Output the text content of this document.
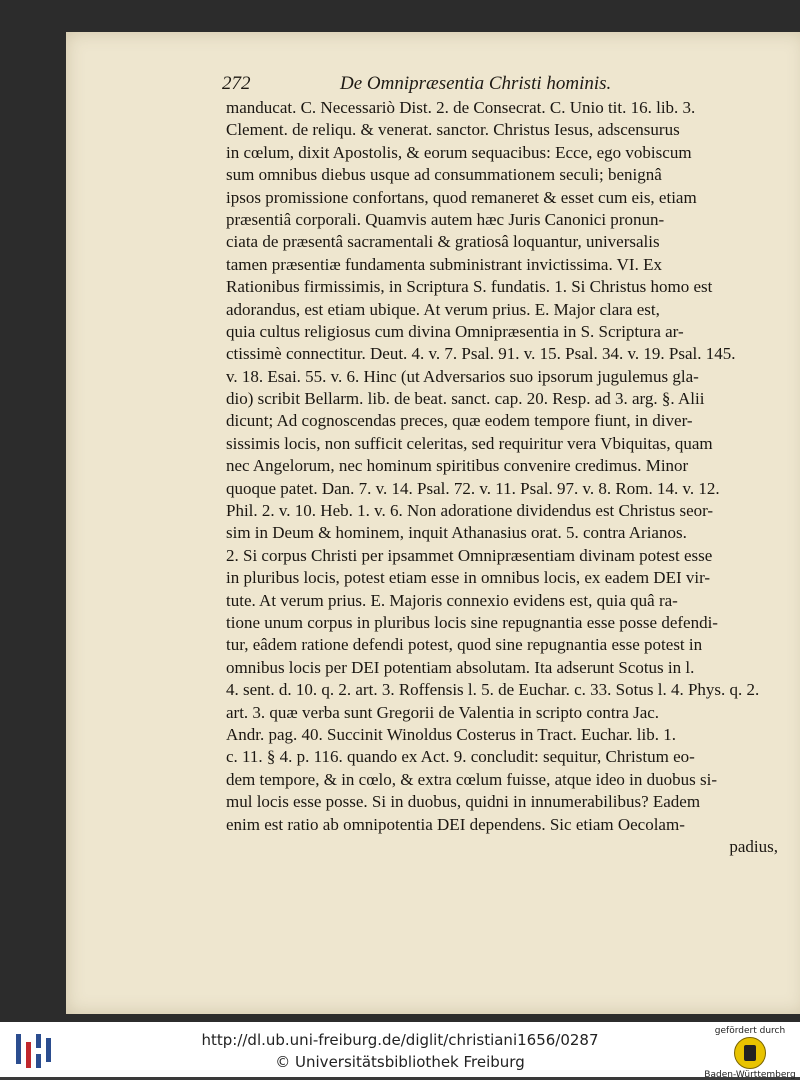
272	De Omnipræsentia Christi hominis.
manducat. C. Necessariò Dist. 2. de Consecrat. C. Unio tit. 16. lib. 3.
Clement. de reliqu. & venerat. sanctor. Christus Iesus, adscensurus
in cœlum, dixit Apostolis, & eorum sequacibus: Ecce, ego vobiscum
sum omnibus diebus usque ad consummationem seculi; benignâ
ipsos promissione confortans, quod remaneret & esset cum eis, etiam
præsentiâ corporali. Quamvis autem hæc Juris Canonici pronun-
ciata de præsentâ sacramentali & gratiosâ loquantur, universalis
tamen præsentiæ fundamenta subministrant invictissima. VI. Ex
Rationibus firmissimis, in Scriptura S. fundatis. 1. Si Christus homo est
adorandus, est etiam ubique. At verum prius. E. Major clara est,
quia cultus religiosus cum divina Omnipræsentia in S. Scriptura ar-
ctissimè connectitur. Deut. 4. v. 7. Psal. 91. v. 15. Psal. 34. v. 19. Psal. 145.
v. 18. Esai. 55. v. 6. Hinc (ut Adversarios suo ipsorum jugulemus gla-
dio) scribit Bellarm. lib. de beat. sanct. cap. 20. Resp. ad 3. arg. §. Alii
dicunt; Ad cognoscendas preces, quæ eodem tempore fiunt, in diver-
sissimis locis, non sufficit celeritas, sed requiritur vera Vbiquitas, quam
nec Angelorum, nec hominum spiritibus convenire credimus. Minor
quoque patet. Dan. 7. v. 14. Psal. 72. v. 11. Psal. 97. v. 8. Rom. 14. v. 12.
Phil. 2. v. 10. Heb. 1. v. 6. Non adoratione dividendus est Christus seor-
sim in Deum & hominem, inquit Athanasius orat. 5. contra Arianos.
2. Si corpus Christi per ipsammet Omnipræsentiam divinam potest esse
in pluribus locis, potest etiam esse in omnibus locis, ex eadem DEI vir-
tute. At verum prius. E. Majoris connexio evidens est, quia quâ ra-
tione unum corpus in pluribus locis sine repugnantia esse posse defendi-
tur, eâdem ratione defendi potest, quod sine repugnantia esse potest in
omnibus locis per DEI potentiam absolutam. Ita adserunt Scotus in l.
4. sent. d. 10. q. 2. art. 3. Roffensis l. 5. de Euchar. c. 33. Sotus l. 4. Phys. q. 2.
art. 3. quæ verba sunt Gregorii de Valentia in scripto contra Jac.
Andr. pag. 40. Succinit Winoldus Costerus in Tract. Euchar. lib. 1.
c. 11. § 4. p. 116. quando ex Act. 9. concludit: sequitur, Christum eo-
dem tempore, & in cœlo, & extra cœlum fuisse, atque ideo in duobus si-
mul locis esse posse. Si in duobus, quidni in innumerabilibus? Eadem
enim est ratio ab omnipotentia DEI dependens. Sic etiam Oecolam-
padius,
http://dl.ub.uni-freiburg.de/diglit/christiani1656/0287
© Universitätsbibliothek Freiburg
gefördert durch
Baden-Württemberg
